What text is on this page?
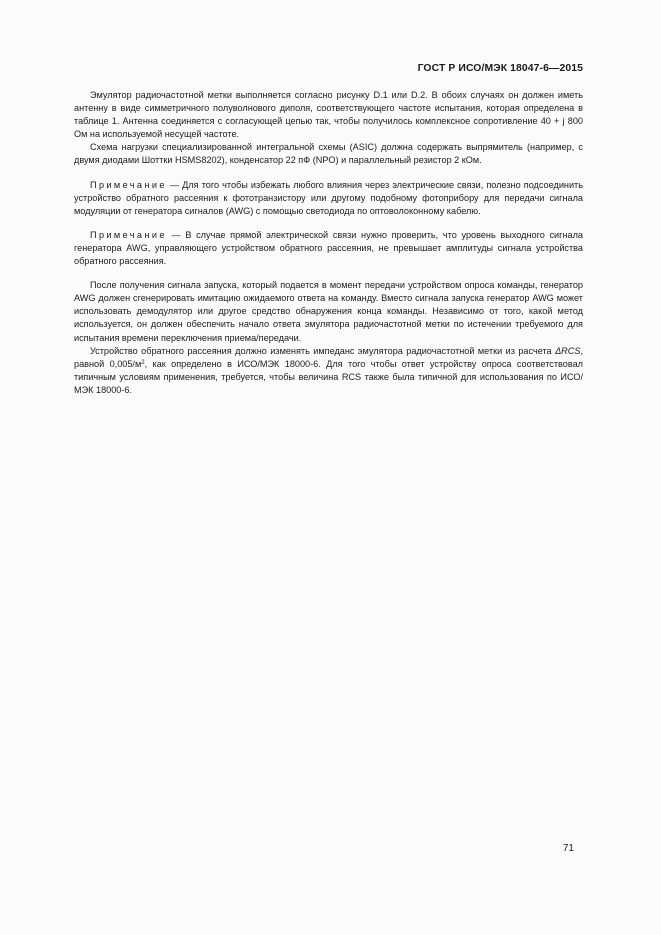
ГОСТ Р ИСО/МЭК 18047-6—2015

Эмулятор радиочастотной метки выполняется согласно рисунку D.1 или D.2. В обоих случаях он должен иметь антенну в виде симметричного полуволнового диполя, соответствующего частоте испытания, которая определена в таблице 1. Антенна соединяется с согласующей цепью так, чтобы получилось комплексное сопротивление 40 + j 800 Ом на используемой несущей частоте.

Схема нагрузки специализированной интегральной схемы (ASIC) должна содержать выпрямитель (например, с двумя диодами Шоттки HSMS8202), конденсатор 22 пФ (NPO) и параллельный резистор 2 кОм.

Примечание — Для того чтобы избежать любого влияния через электрические связи, полезно подсоединить устройство обратного рассеяния к фототранзистору или другому подобному фотоприбору для передачи сигнала модуляции от генератора сигналов (AWG) с помощью светодиода по оптоволоконному кабелю.

Примечание — В случае прямой электрической связи нужно проверить, что уровень выходного сигнала генератора AWG, управляющего устройством обратного рассеяния, не превышает амплитуды сигнала устройства обратного рассеяния.

После получения сигнала запуска, который подается в момент передачи устройством опроса команды, генератор AWG должен сгенерировать имитацию ожидаемого ответа на команду. Вместо сигнала запуска генератор AWG может использовать демодулятор или другое средство обнаружения конца команды. Независимо от того, какой метод используется, он должен обеспечить начало ответа эмулятора радиочастотной метки по истечении требуемого для испытания времени переключения приема/передачи.

Устройство обратного рассеяния должно изменять импеданс эмулятора радиочастотной метки из расчета ΔRCS, равной $0,005/м^2$, как определено в ИСО/МЭК 18000-6. Для того чтобы ответ устройству опроса соответствовал типичным условиям применения, требуется, чтобы величина RCS также была типичной для использования по ИСО/МЭК 18000-6.

71
